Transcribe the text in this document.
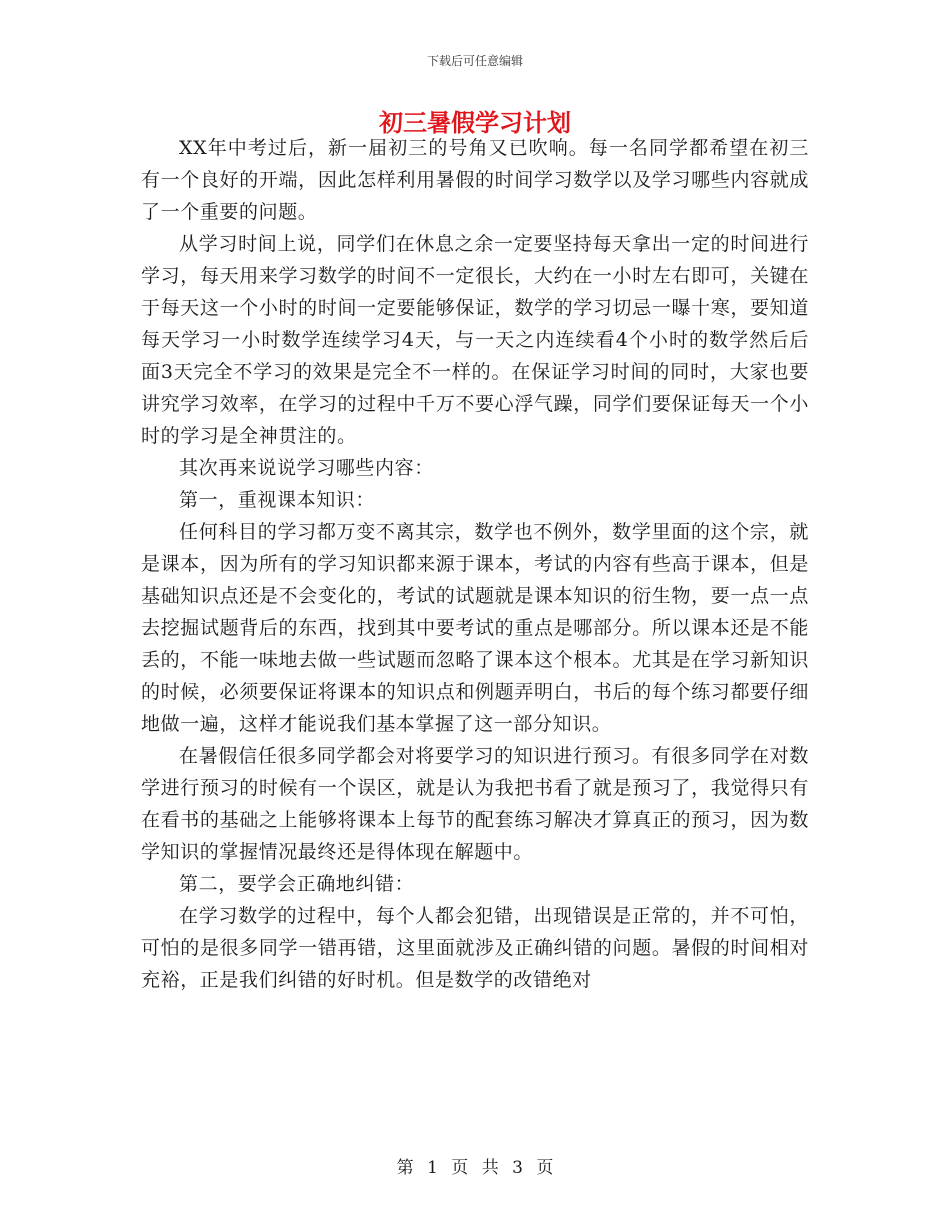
下载后可任意编辑
初三暑假学习计划

XX年中考过后，新一届初三的号角又已吹响。每一名同学都希望在初三有一个良好的开端，因此怎样利用暑假的时间学习数学以及学习哪些内容就成了一个重要的问题。

从学习时间上说，同学们在休息之余一定要坚持每天拿出一定的时间进行学习，每天用来学习数学的时间不一定很长，大约在一小时左右即可，关键在于每天这一个小时的时间一定要能够保证，数学的学习切忌一曝十寒，要知道每天学习一小时数学连续学习4天，与一天之内连续看4个小时的数学然后后面3天完全不学习的效果是完全不一样的。在保证学习时间的同时，大家也要讲究学习效率，在学习的过程中千万不要心浮气躁，同学们要保证每天一个小时的学习是全神贯注的。

其次再来说说学习哪些内容：

第一，重视课本知识：

任何科目的学习都万变不离其宗，数学也不例外，数学里面的这个宗，就是课本，因为所有的学习知识都来源于课本，考试的内容有些高于课本，但是基础知识点还是不会变化的，考试的试题就是课本知识的衍生物，要一点一点去挖掘试题背后的东西，找到其中要考试的重点是哪部分。所以课本还是不能丢的，不能一味地去做一些试题而忽略了课本这个根本。尤其是在学习新知识的时候，必须要保证将课本的知识点和例题弄明白，书后的每个练习都要仔细地做一遍，这样才能说我们基本掌握了这一部分知识。

在暑假信任很多同学都会对将要学习的知识进行预习。有很多同学在对数学进行预习的时候有一个误区，就是认为我把书看了就是预习了，我觉得只有在看书的基础之上能够将课本上每节的配套练习解决才算真正的预习，因为数学知识的掌握情况最终还是得体现在解题中。

第二，要学会正确地纠错：

在学习数学的过程中，每个人都会犯错，出现错误是正常的，并不可怕，可怕的是很多同学一错再错，这里面就涉及正确纠错的问题。暑假的时间相对充裕，正是我们纠错的好时机。但是数学的改错绝对

第 1 页 共 3 页
